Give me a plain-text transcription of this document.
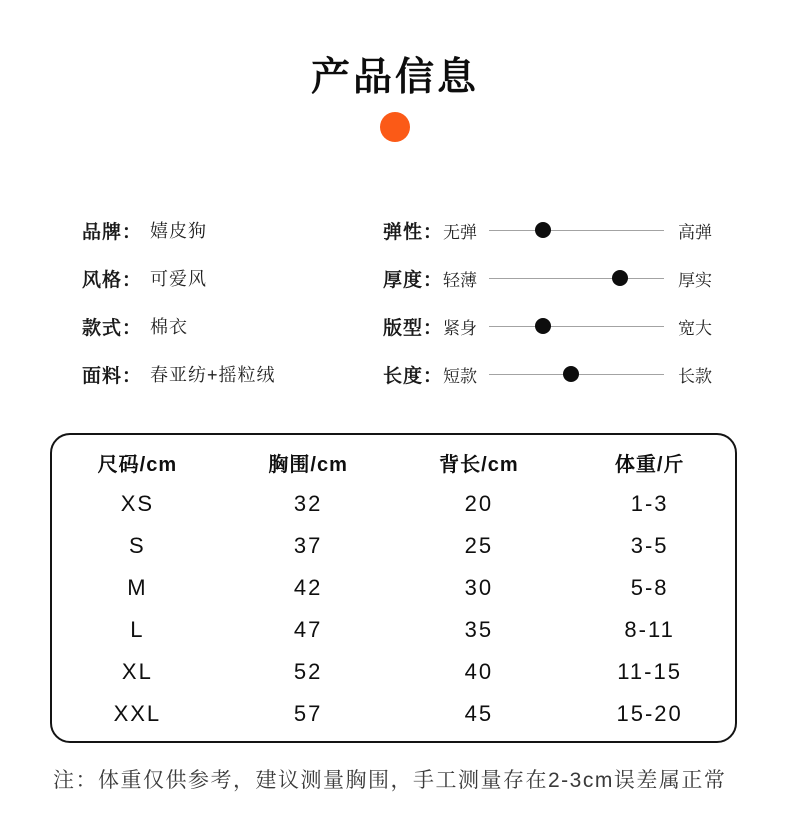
产品信息
品牌： 嬉皮狗
风格： 可爱风
款式： 棉衣
面料： 春亚纺+摇粒绒
弹性： 无弹	高弹
厚度： 轻薄	厚实
版型： 紧身	宽大
长度： 短款	长款
尺码/cm	胸围/cm	背长/cm	体重/斤
XS	32	20	1-3
S	37	25	3-5
M	42	30	5-8
L	47	35	8-11
XL	52	40	11-15
XXL	57	45	15-20
注：体重仅供参考，建议测量胸围，手工测量存在2-3cm误差属正常
